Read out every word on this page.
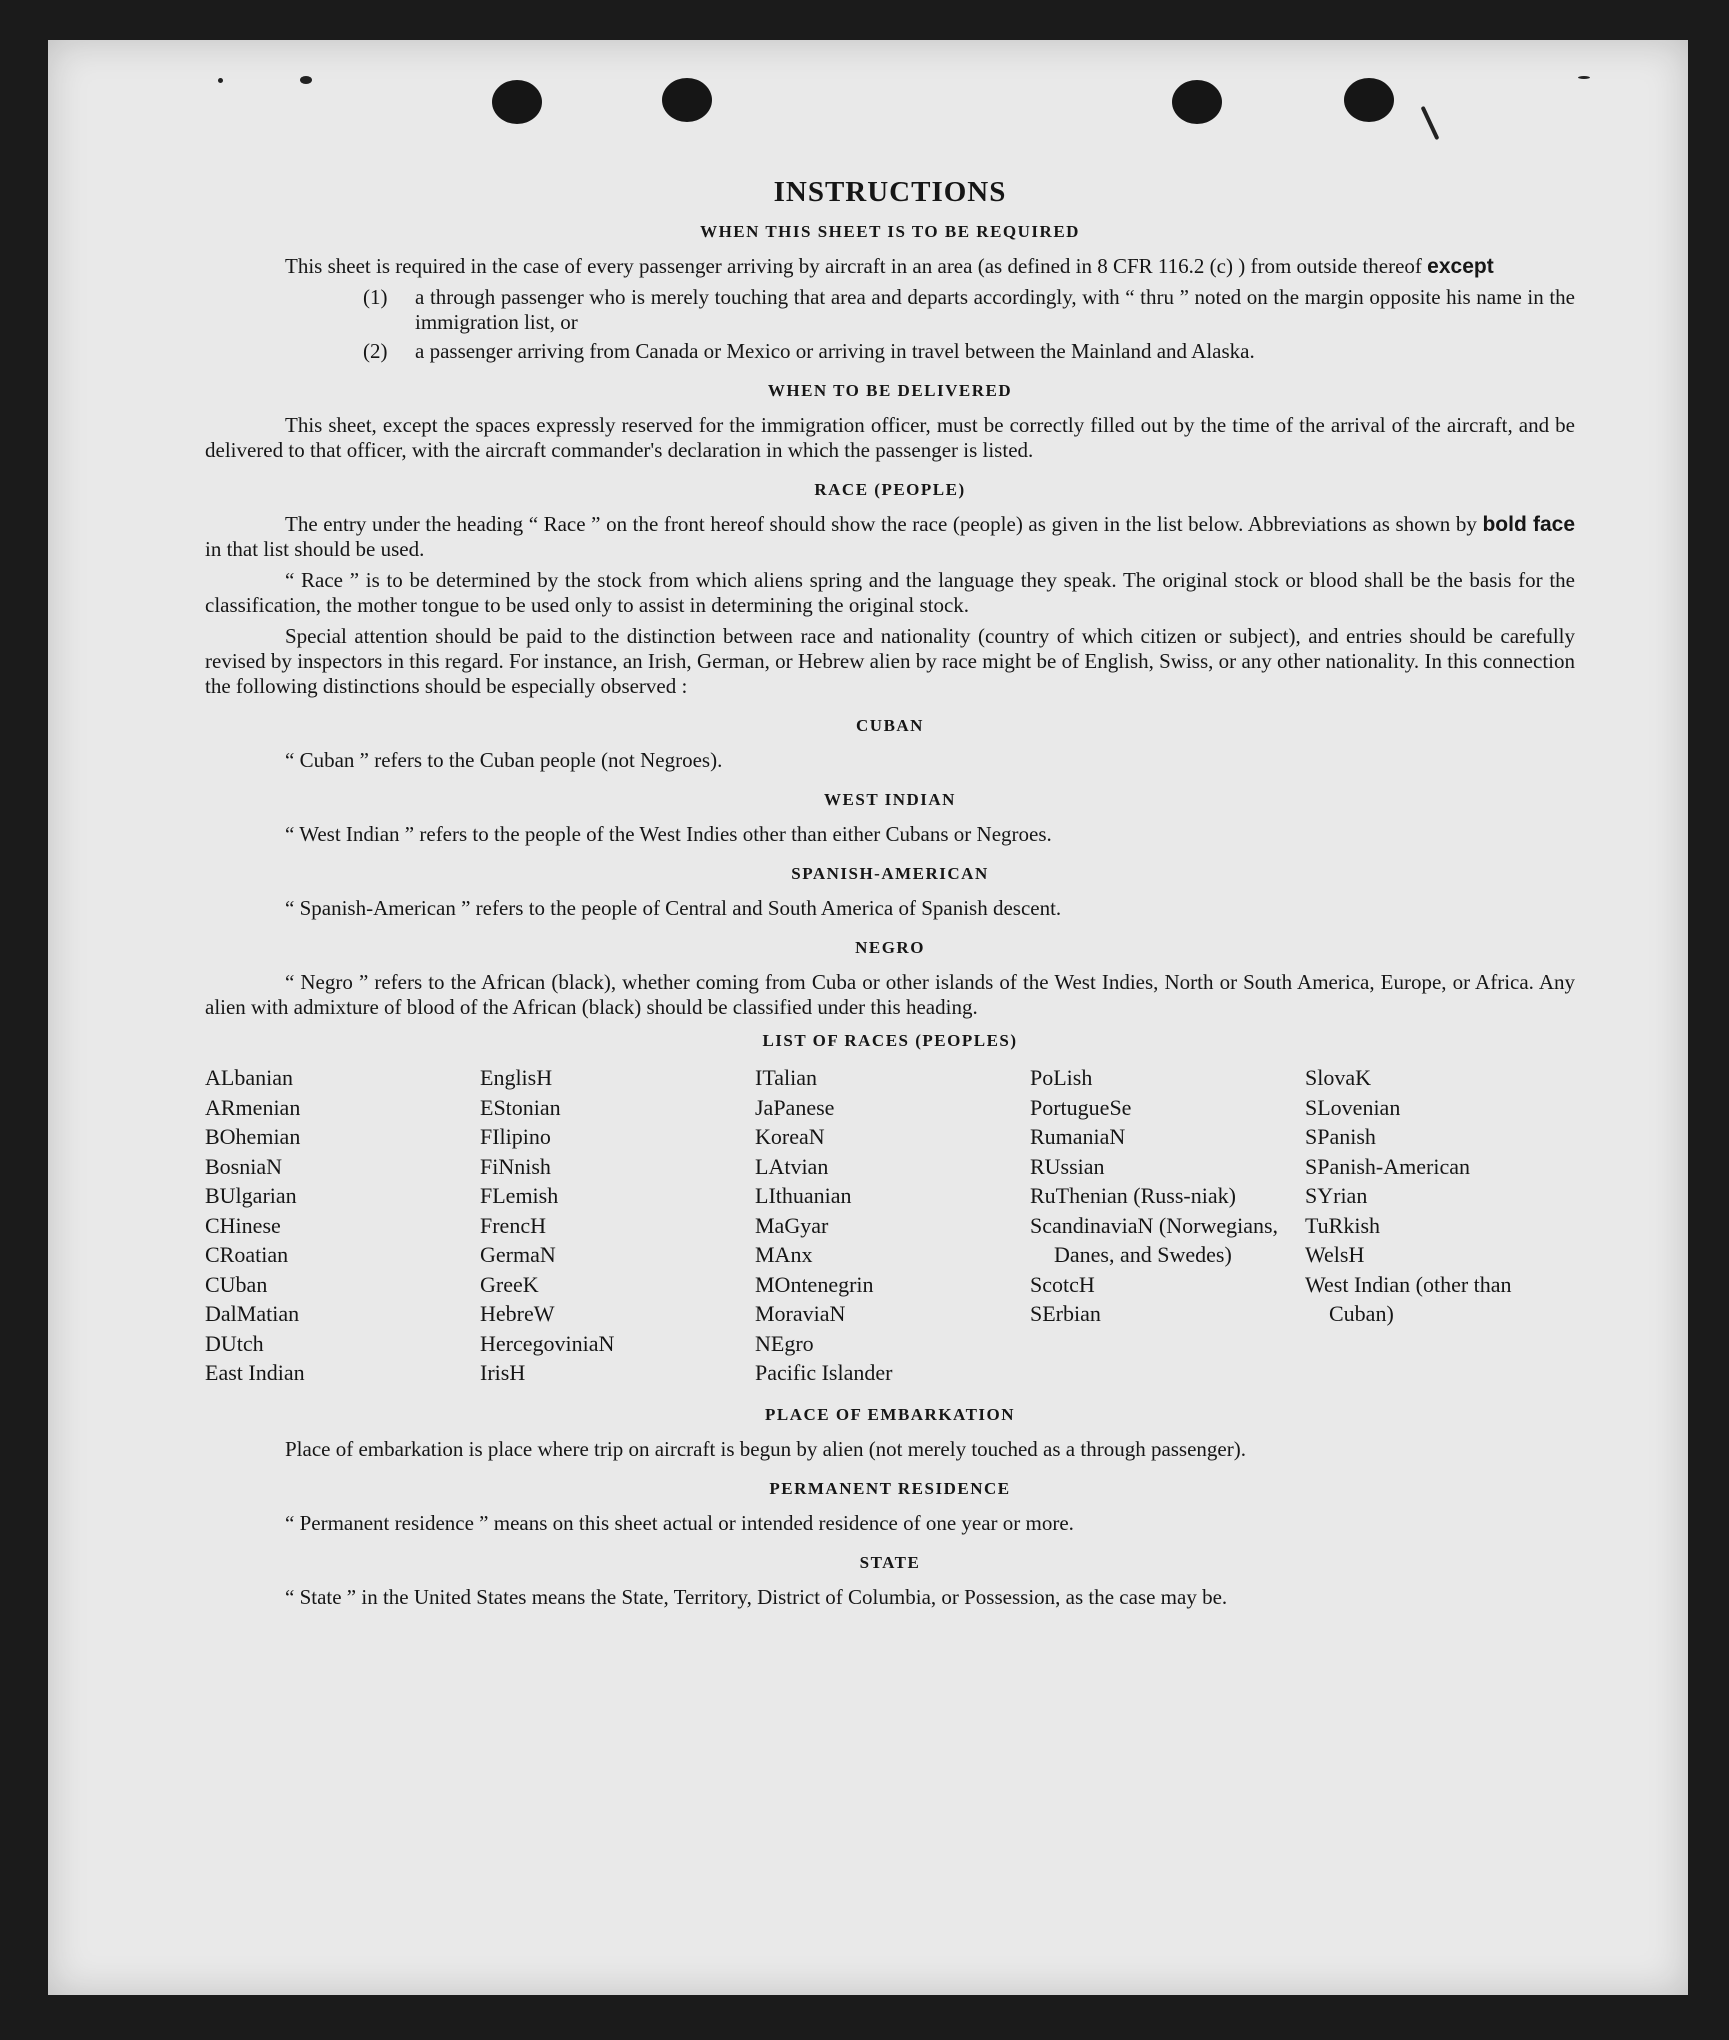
INSTRUCTIONS
WHEN THIS SHEET IS TO BE REQUIRED

This sheet is required in the case of every passenger arriving by aircraft in an area (as defined in 8 CFR 116.2 (c) ) from outside thereof except

(1)	a through passenger who is merely touching that area and departs accordingly, with “ thru ” noted on the margin opposite his name in the immigration list, or
(2)	a passenger arriving from Canada or Mexico or arriving in travel between the Mainland and Alaska.
WHEN TO BE DELIVERED

This sheet, except the spaces expressly reserved for the immigration officer, must be correctly filled out by the time of the arrival of the aircraft, and be delivered to that officer, with the aircraft commander's declaration in which the passenger is listed.

RACE (PEOPLE)

The entry under the heading “ Race ” on the front hereof should show the race (people) as given in the list below. Abbreviations as shown by bold face in that list should be used.

“ Race ” is to be determined by the stock from which aliens spring and the language they speak. The original stock or blood shall be the basis for the classification, the mother tongue to be used only to assist in determining the original stock.

Special attention should be paid to the distinction between race and nationality (country of which citizen or subject), and entries should be carefully revised by inspectors in this regard. For instance, an Irish, German, or Hebrew alien by race might be of English, Swiss, or any other nationality. In this connection the following distinctions should be especially observed :

CUBAN

“ Cuban ” refers to the Cuban people (not Negroes).

WEST INDIAN

“ West Indian ” refers to the people of the West Indies other than either Cubans or Negroes.

SPANISH-AMERICAN

“ Spanish-American ” refers to the people of Central and South America of Spanish descent.

NEGRO

“ Negro ” refers to the African (black), whether coming from Cuba or other islands of the West Indies, North or South America, Europe, or Africa. Any alien with admixture of blood of the African (black) should be classified under this heading.

LIST OF RACES (PEOPLES)
ALbanian
ARmenian
BOhemian
BosniaN
BUlgarian
CHinese
CRoatian
CUban
DalMatian
DUtch
East Indian
EnglisH
EStonian
FIlipino
FiNnish
FLemish
FrencH
GermaN
GreeK
HebreW
HercegoviniaN
IrisH
ITalian
JaPanese
KoreaN
LAtvian
LIthuanian
MaGyar
MAnx
MOntenegrin
MoraviaN
NEgro
Pacific Islander
PoLish
PortugueSe
RumaniaN
RUssian
RuThenian (Russ-niak)
ScandinaviaN (Norwegians, Danes, and Swedes)
ScotcH
SErbian
SlovaK
SLovenian
SPanish
SPanish-American
SYrian
TuRkish
WelsH
West Indian (other than Cuban)
PLACE OF EMBARKATION

Place of embarkation is place where trip on aircraft is begun by alien (not merely touched as a through passenger).

PERMANENT RESIDENCE

“ Permanent residence ” means on this sheet actual or intended residence of one year or more.

STATE

“ State ” in the United States means the State, Territory, District of Columbia, or Possession, as the case may be.
